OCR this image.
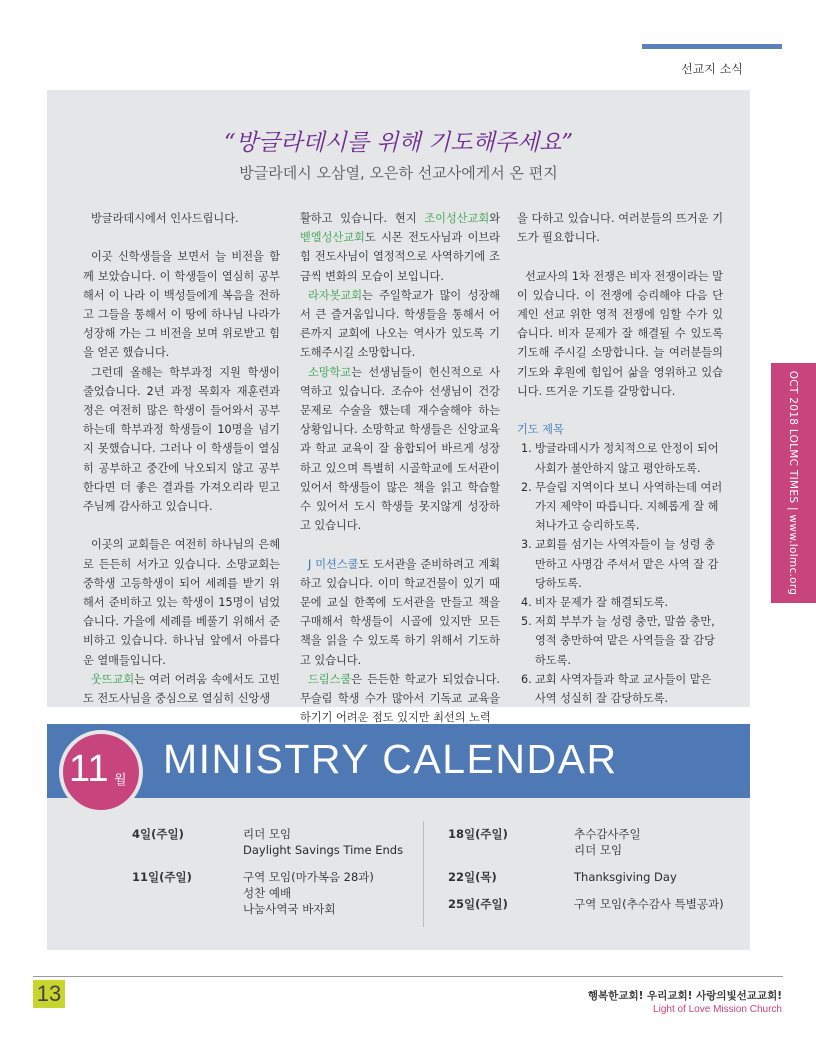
선교지 소식
“방글라데시를 위해 기도해주세요”
방글라데시 오삼열, 오은하 선교사에게서 온 편지

방글라데시에서 인사드립니다.

이곳 신학생들을 보면서 늘 비전을 함께 보았습니다. 이 학생들이 열심히 공부해서 이 나라 이 백성들에게 복음을 전하고 그들을 통해서 이 땅에 하나님 나라가 성장해 가는 그 비전을 보며 위로받고 힘을 얻곤 했습니다.

그런데 올해는 학부과정 지원 학생이 줄었습니다. 2년 과정 목회자 재훈련과정은 여전히 많은 학생이 들어와서 공부하는데 학부과정 학생들이 10명을 넘기지 못했습니다. 그러나 이 학생들이 열심히 공부하고 중간에 낙오되지 않고 공부한다면 더 좋은 결과를 가져오리라 믿고 주님께 감사하고 있습니다.

이곳의 교회들은 여전히 하나님의 은혜로 든든히 서가고 있습니다. 소망교회는 중학생 고등학생이 되어 세례를 받기 위해서 준비하고 있는 학생이 15명이 넘었습니다. 가을에 세례를 베풀기 위해서 준비하고 있습니다. 하나님 앞에서 아름다운 열매들입니다.

웃뜨교회는 여러 어려움 속에서도 고빈도 전도사님을 중심으로 열심히 신앙생

활하고 있습니다. 현지 조이성산교회와 벧엘성산교회도 시몬 전도사님과 이브라힘 전도사님이 열정적으로 사역하기에 조금씩 변화의 모습이 보입니다.

라자봇교회는 주일학교가 많이 성장해서 큰 즐거움입니다. 학생들을 통해서 어른까지 교회에 나오는 역사가 있도록 기도해주시길 소망합니다.

소망학교는 선생님들이 헌신적으로 사역하고 있습니다. 조슈아 선생님이 건강문제로 수술을 했는데 재수술해야 하는 상황입니다. 소망학교 학생들은 신앙교육과 학교 교육이 잘 융합되어 바르게 성장하고 있으며 특별히 시골학교에 도서관이 있어서 학생들이 많은 책을 읽고 학습할 수 있어서 도시 학생들 못지않게 성장하고 있습니다.

J 미션스쿨도 도서관을 준비하려고 계획하고 있습니다. 이미 학교건물이 있기 때문에 교실 한쪽에 도서관을 만들고 책을 구매해서 학생들이 시골에 있지만 모든 책을 읽을 수 있도록 하기 위해서 기도하고 있습니다.

드림스쿨은 든든한 학교가 되었습니다. 무슬림 학생 수가 많아서 기독교 교육을 하기기 어려운 점도 있지만 최선의 노력

을 다하고 있습니다. 여러분들의 뜨거운 기도가 필요합니다.

선교사의 1차 전쟁은 비자 전쟁이라는 말이 있습니다. 이 전쟁에 승리해야 다음 단계인 선교 위한 영적 전쟁에 임할 수가 있습니다. 비자 문제가 잘 해결될 수 있도록 기도해 주시길 소망합니다. 늘 여러분들의 기도와 후원에 힘입어 삶을 영위하고 있습니다. 뜨거운 기도를 갈망합니다.

기도 제목

1. 방글라데시가 정치적으로 안정이 되어 사회가 불안하지 않고 평안하도록.
2. 무슬림 지역이다 보니 사역하는데 여러 가지 제약이 따릅니다. 지혜롭게 잘 헤쳐나가고 승리하도록.
3. 교회를 섬기는 사역자들이 늘 성령 충만하고 사명감 주셔서 맡은 사역 잘 감당하도록.
4. 비자 문제가 잘 해결되도록.
5. 저희 부부가 늘 성령 충만, 말씀 충만, 영적 충만하여 맡은 사역들을 잘 감당하도록.
6. 교회 사역자들과 학교 교사들이 맡은 사역 성실히 잘 감당하도록.
OCT 2018 LOLMC TIMES | www.lolmc.org
MINISTRY CALENDAR
11 월
4일(주일)	리더 모임
Daylight Savings Time Ends
11일(주일)	구역 모임(마가복음 28과)
성찬 예배
나눔사역국 바자회
18일(주일)	추수감사주일
리더 모임
22일(목)	Thanksgiving Day
25일(주일)	구역 모임(추수감사 특별공과)
13	행복한교회! 우리교회! 사랑의빛선교교회!
Light of Love Mission Church
